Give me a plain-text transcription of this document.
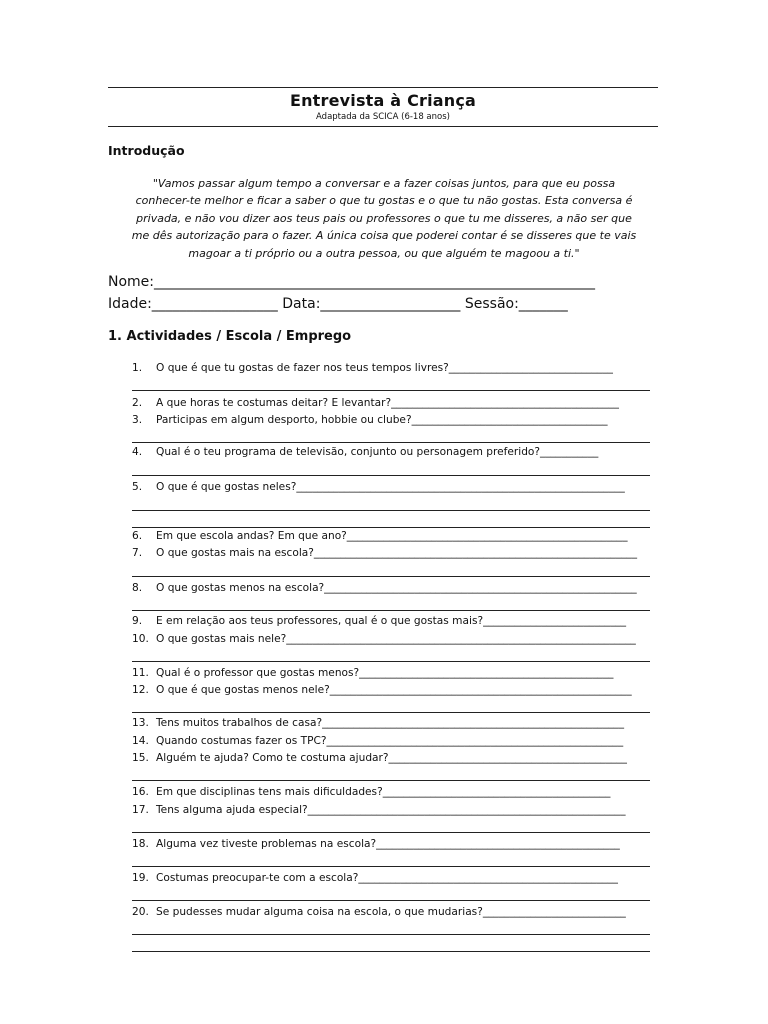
Entrevista à Criança
Adaptada da SCICA (6-18 anos)
Introdução
"Vamos passar algum tempo a conversar e a fazer coisas juntos, para que eu possa
conhecer-te melhor e ficar a saber o que tu gostas e o que tu não gostas. Esta conversa é
privada, e não vou dizer aos teus pais ou professores o que tu me disseres, a não ser que
me dês autorização para o fazer. A única coisa que poderei contar é se disseres que te vais
magoar a ti próprio ou a outra pessoa, ou que alguém te magoou a ti."
Nome:_______________________________________________________________
Idade:__________________ Data:____________________ Sessão:_______
1. Actividades / Escola / Emprego
1. O que é que tu gostas de fazer nos teus tempos livres?_______________________________
2. A que horas te costumas deitar? E levantar?___________________________________________
3. Participas em algum desporto, hobbie ou clube?_____________________________________
4. Qual é o teu programa de televisão, conjunto ou personagem preferido?___________
5. O que é que gostas neles?______________________________________________________________
6. Em que escola andas? Em que ano?_____________________________________________________
7. O que gostas mais na escola?_____________________________________________________________
8. O que gostas menos na escola?___________________________________________________________
9. E em relação aos teus professores, qual é o que gostas mais?___________________________
10. O que gostas mais nele?__________________________________________________________________
11. Qual é o professor que gostas menos?________________________________________________
12. O que é que gostas menos nele?_________________________________________________________
13. Tens muitos trabalhos de casa?_________________________________________________________
14. Quando costumas fazer os TPC?________________________________________________________
15. Alguém te ajuda? Como te costuma ajudar?_____________________________________________
16. Em que disciplinas tens mais dificuldades?___________________________________________
17. Tens alguma ajuda especial?____________________________________________________________
18. Alguma vez tiveste problemas na escola?______________________________________________
19. Costumas preocupar-te com a escola?_________________________________________________
20. Se pudesses mudar alguma coisa na escola, o que mudarias?___________________________
